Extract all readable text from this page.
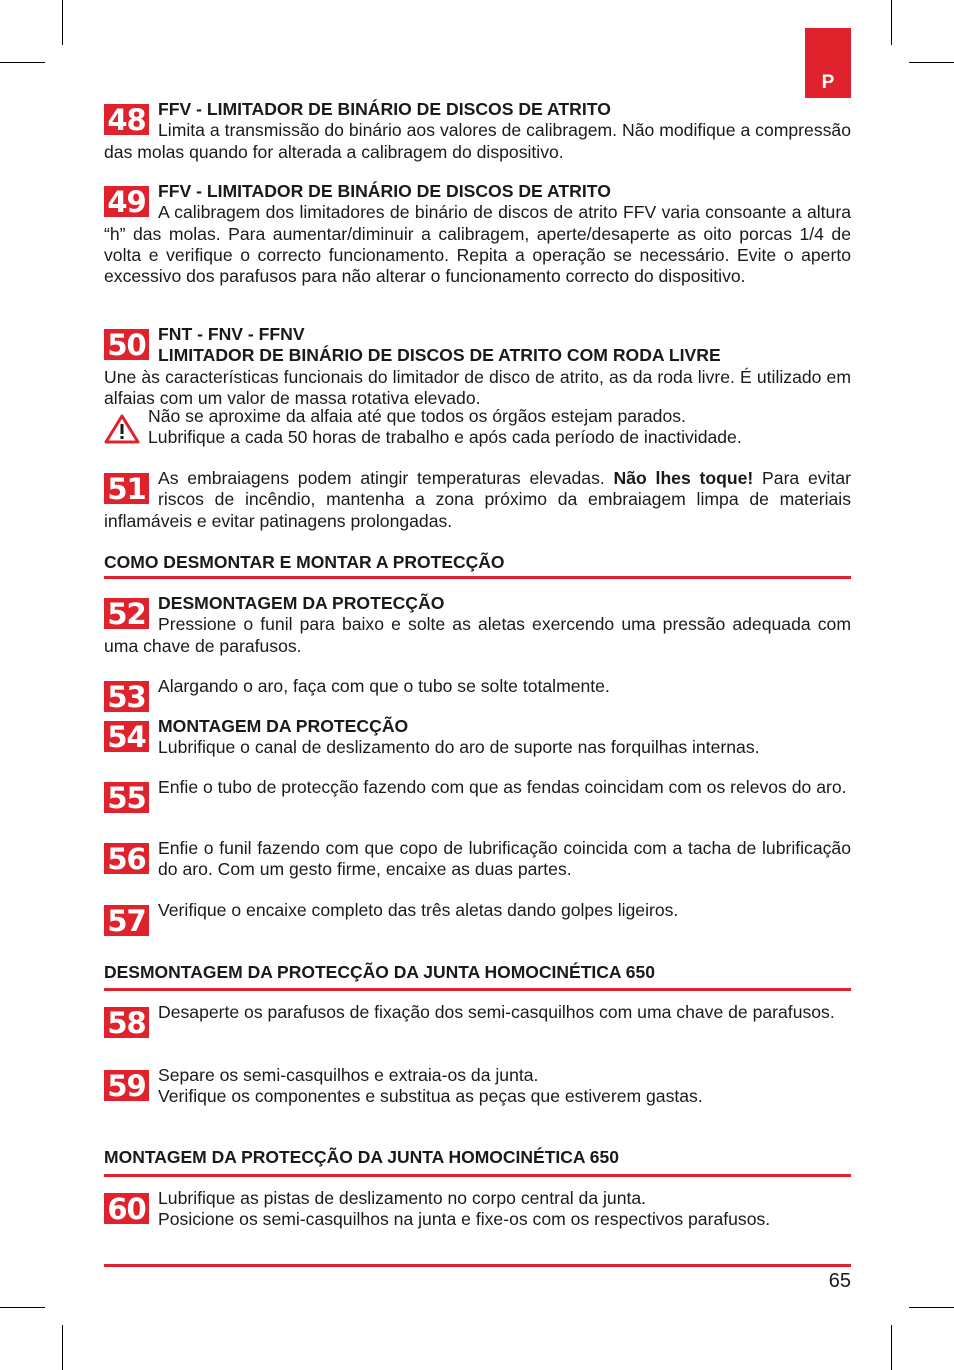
P
48 FFV - LIMITADOR DE BINÁRIO DE DISCOS DE ATRITO
Limita a transmissão do binário aos valores de calibragem. Não modifique a compressão das molas quando for alterada a calibragem do dispositivo.
49 FFV - LIMITADOR DE BINÁRIO DE DISCOS DE ATRITO
A calibragem dos limitadores de binário de discos de atrito FFV varia consoante a altura “h” das molas. Para aumentar/diminuir a calibragem, aperte/desaperte as oito porcas 1/4 de volta e verifique o correcto funcionamento. Repita a operação se necessário. Evite o aperto excessivo dos parafusos para não alterar o funcionamento correcto do dispositivo.
50 FNT - FNV - FFNV
LIMITADOR DE BINÁRIO DE DISCOS DE ATRITO COM RODA LIVRE
Une às características funcionais do limitador de disco de atrito, as da roda livre. É utilizado em alfaias com um valor de massa rotativa elevado.
Não se aproxime da alfaia até que todos os órgãos estejam parados.
Lubrifique a cada 50 horas de trabalho e após cada período de inactividade.
51 As embraiagens podem atingir temperaturas elevadas. Não lhes toque! Para evitar riscos de incêndio, mantenha a zona próximo da embraiagem limpa de materiais inflamáveis e evitar patinagens prolongadas.
COMO DESMONTAR E MONTAR A PROTECÇÃO
52 DESMONTAGEM DA PROTECÇÃO
Pressione o funil para baixo e solte as aletas exercendo uma pressão adequada com uma chave de parafusos.
53 Alargando o aro, faça com que o tubo se solte totalmente.
54 MONTAGEM DA PROTECÇÃO
Lubrifique o canal de deslizamento do aro de suporte nas forquilhas internas.
55 Enfie o tubo de protecção fazendo com que as fendas coincidam com os relevos do aro.
56 Enfie o funil fazendo com que copo de lubrificação coincida com a tacha de lubrificação do aro. Com um gesto firme, encaixe as duas partes.
57 Verifique o encaixe completo das três aletas dando golpes ligeiros.
DESMONTAGEM DA PROTECÇÃO DA JUNTA HOMOCINÉTICA 650
58 Desaperte os parafusos de fixação dos semi-casquilhos com uma chave de parafusos.
59 Separe os semi-casquilhos e extraia-os da junta.
Verifique os componentes e substitua as peças que estiverem gastas.
MONTAGEM DA PROTECÇÃO DA JUNTA HOMOCINÉTICA 650
60 Lubrifique as pistas de deslizamento no corpo central da junta.
Posicione os semi-casquilhos na junta e fixe-os com os respectivos parafusos.
65
